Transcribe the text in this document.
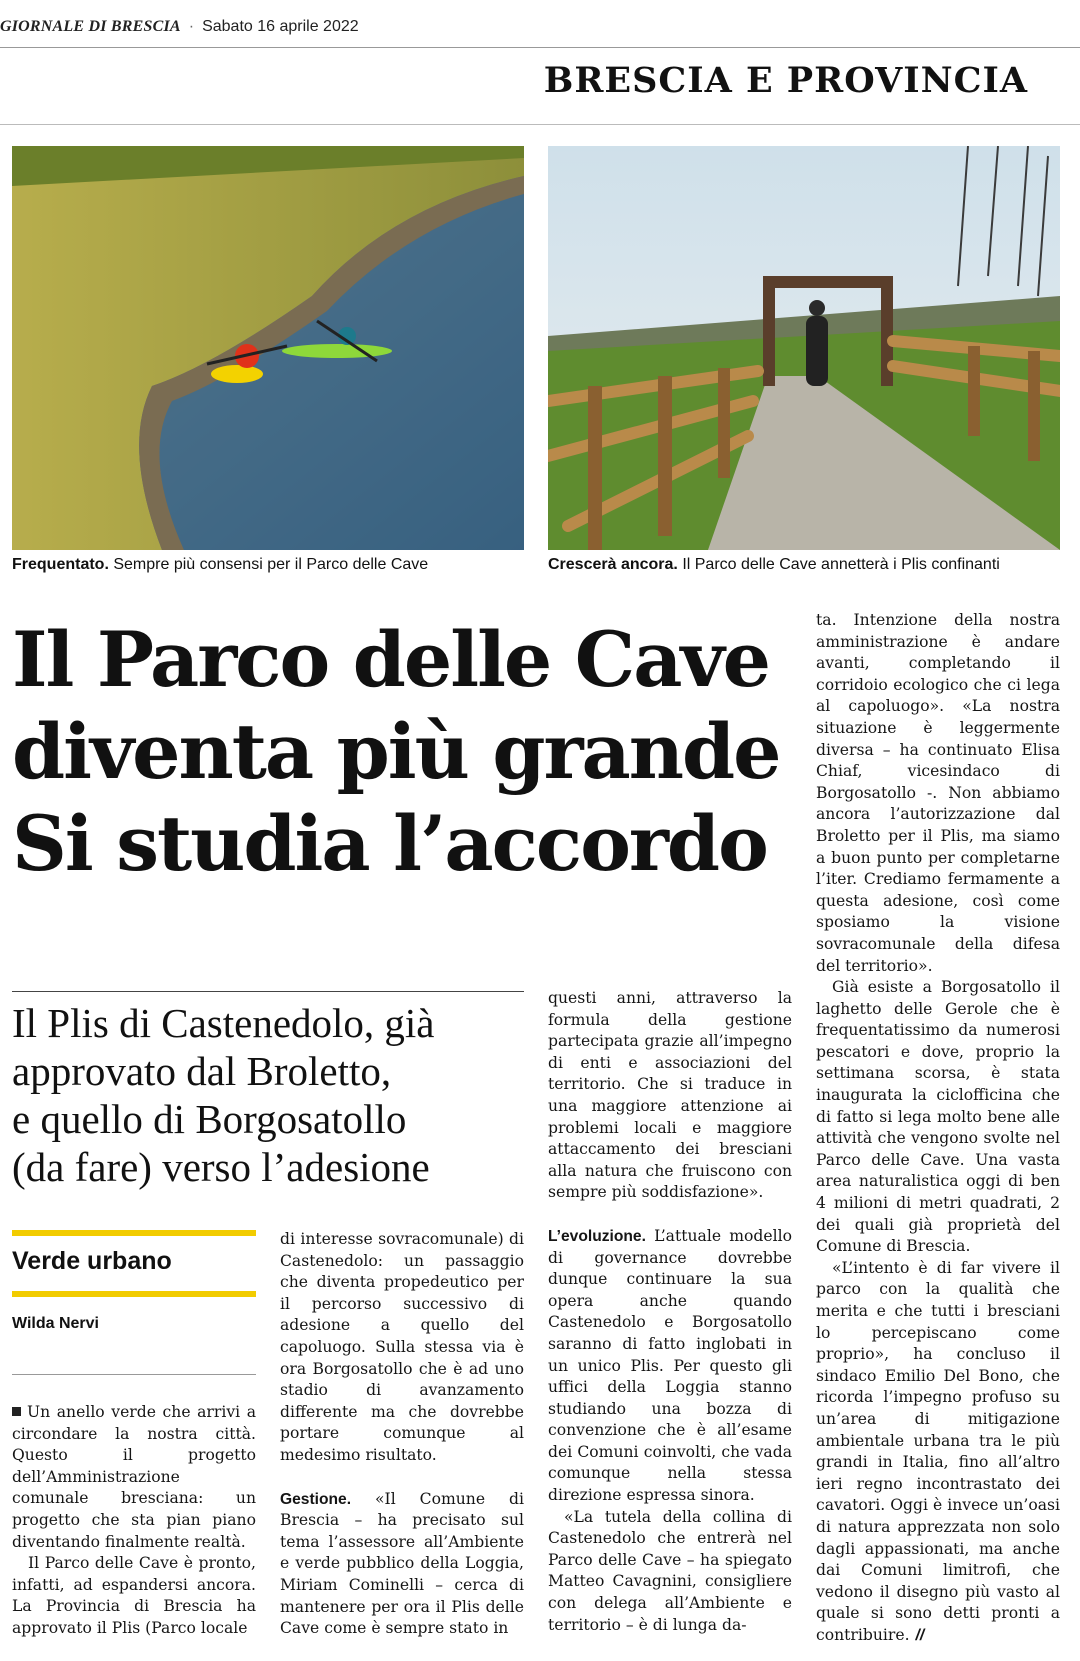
GIORNALE DI BRESCIA · Sabato 16 aprile 2022
BRESCIA E PROVINCIA
Frequentato. Sempre più consensi per il Parco delle Cave	Crescerà ancora. Il Parco delle Cave annetterà i Plis confinanti
Il Parco delle Cave
diventa più grande
Si studia l’accordo
Il Plis di Castenedolo, già
approvato dal Broletto,
e quello di Borgosatollo
(da fare) verso l’adesione
Verde urbano
Wilda Nervi

Un anello verde che arrivi a circondare la nostra città. Questo il progetto dell’Amministrazione comunale bresciana: un progetto che sta pian piano diventando finalmente realtà.

Il Parco delle Cave è pronto, infatti, ad espandersi ancora. La Provincia di Brescia ha approvato il Plis (Parco locale

di interesse sovracomunale) di Castenedolo: un passaggio che diventa propedeutico per il percorso successivo di adesione a quello del capoluogo. Sulla stessa via è ora Borgosatollo che è ad uno stadio di avanzamento differente ma che dovrebbe portare comunque al medesimo risultato.

Gestione. «Il Comune di Brescia – ha precisato sul tema l’assessore all’Ambiente e verde pubblico della Loggia, Miriam Cominelli – cerca di mantenere per ora il Plis delle Cave come è sempre stato in

questi anni, attraverso la formula della gestione partecipata grazie all’impegno di enti e associazioni del territorio. Che si traduce in una maggiore attenzione ai problemi locali e maggiore attaccamento dei bresciani alla natura che fruiscono con sempre più soddisfazione».

L’evoluzione. L’attuale modello di governance dovrebbe dunque continuare la sua opera anche quando Castenedolo e Borgosatollo saranno di fatto inglobati in un unico Plis. Per questo gli uffici della Loggia stanno studiando una bozza di convenzione che è all’esame dei Comuni coinvolti, che vada comunque nella stessa direzione espressa sinora.

«La tutela della collina di Castenedolo che entrerà nel Parco delle Cave – ha spiegato Matteo Cavagnini, consigliere con delega all’Ambiente e territorio – è di lunga da-

ta. Intenzione della nostra amministrazione è andare avanti, completando il corridoio ecologico che ci lega al capoluogo». «La nostra situazione è leggermente diversa – ha continuato Elisa Chiaf, vicesindaco di Borgosatollo -. Non abbiamo ancora l’autorizzazione dal Broletto per il Plis, ma siamo a buon punto per completarne l’iter. Crediamo fermamente a questa adesione, così come sposiamo la visione sovracomunale della difesa del territorio».

Già esiste a Borgosatollo il laghetto delle Gerole che è frequentatissimo da numerosi pescatori e dove, proprio la settimana scorsa, è stata inaugurata la ciclofficina che di fatto si lega molto bene alle attività che vengono svolte nel Parco delle Cave. Una vasta area naturalistica oggi di ben 4 milioni di metri quadrati, 2 dei quali già proprietà del Comune di Brescia.

«L’intento è di far vivere il parco con la qualità che merita e che tutti i bresciani lo percepiscano come proprio», ha concluso il sindaco Emilio Del Bono, che ricorda l’impegno profuso su un’area di mitigazione ambientale urbana tra le più grandi in Italia, fino all’altro ieri regno incontrastato dei cavatori. Oggi è invece un’oasi di natura apprezzata non solo dagli appassionati, ma anche dai Comuni limitrofi, che vedono il disegno più vasto al quale si sono detti pronti a contribuire. //
